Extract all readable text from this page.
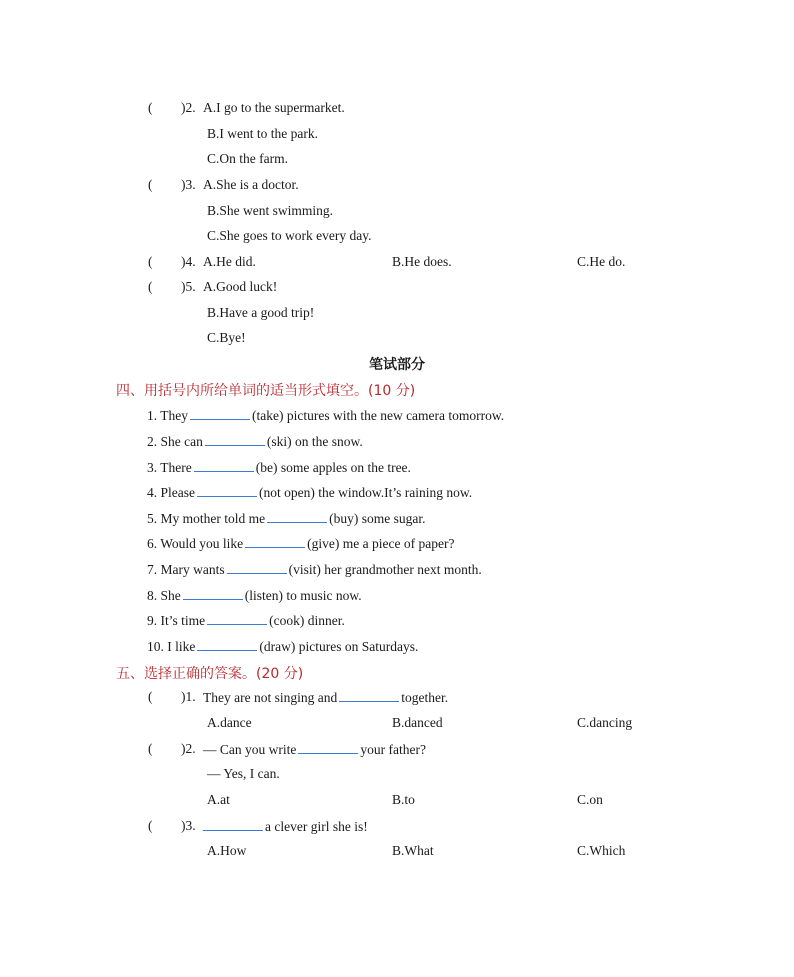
( )2. A.I go to the supermarket.
B.I went to the park.
C.On the farm.
( )3. A.She is a doctor.
B.She went swimming.
C.She goes to work every day.
( )4. A.He did.	B.He does.	C.He do.
( )5. A.Good luck!
B.Have a good trip!
C.Bye!
笔试部分
四、用括号内所给单词的适当形式填空。(10 分)
1. They	(take) pictures with the new camera tomorrow.
2. She can	(ski) on the snow.
3. There	(be) some apples on the tree.
4. Please	(not open) the window.It’s raining now.
5. My mother told me	(buy) some sugar.
6. Would you like	(give) me a piece of paper?
7. Mary wants	(visit) her grandmother next month.
8. She	(listen) to music now.
9. It’s time	(cook) dinner.
10. I like	(draw) pictures on Saturdays.
五、选择正确的答案。(20 分)
( )1. They are not singing and	together.
A.dance	B.danced	C.dancing
( )2. — Can you write	your father?
— Yes, I can.
A.at	B.to	C.on
( )3.	a clever girl she is!
A.How	B.What	C.Which
